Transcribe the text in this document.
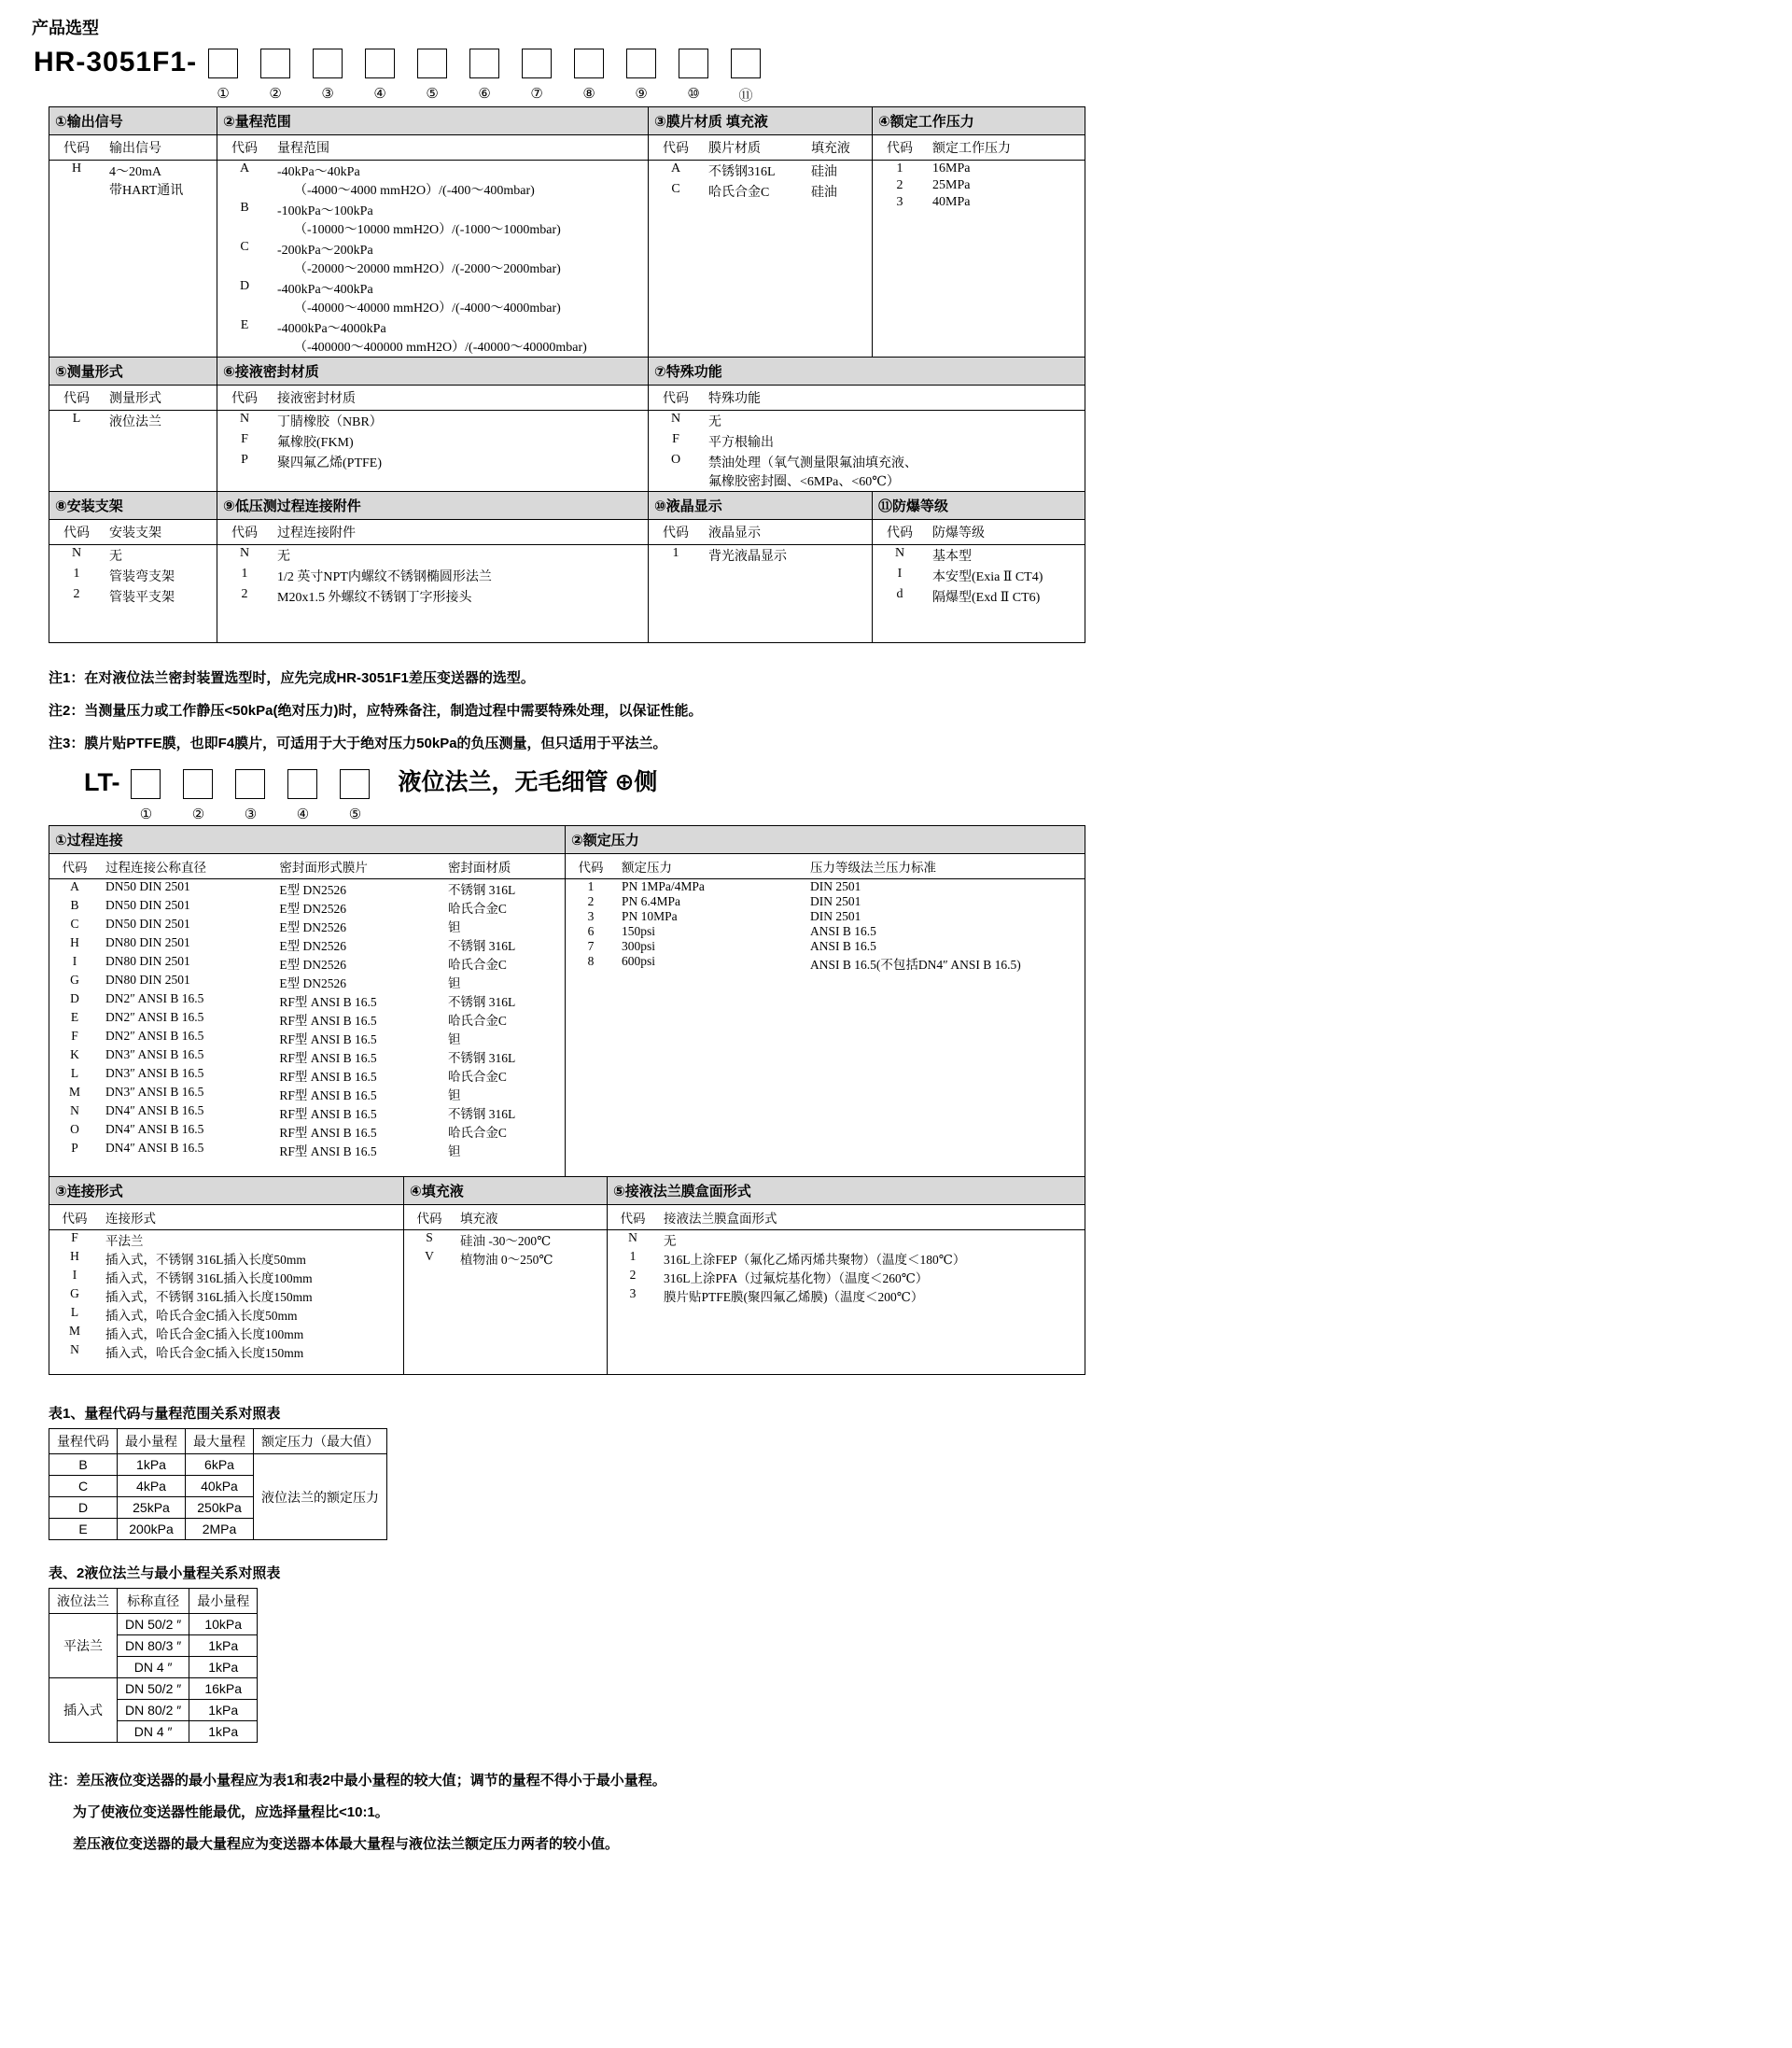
产品选型
HR-3051F1-
①	②	③	④	⑤	⑥	⑦	⑧	⑨	⑩	⑪
①输出信号
代码	输出信号
H	4～20mA
带HART通讯

②量程范围
代码	量程范围
A	-40kPa～40kPa
（-4000～4000 mmH2O）/(-400～400mbar)

B	-100kPa～100kPa
（-10000～10000 mmH2O）/(-1000～1000mbar)

C	-200kPa～200kPa
（-20000～20000 mmH2O）/(-2000～2000mbar)

D	-400kPa～400kPa
（-40000～40000 mmH2O）/(-4000～4000mbar)

E	-4000kPa～4000kPa
（-400000～400000 mmH2O）/(-40000～40000mbar)

③膜片材质 填充液
代码	膜片材质	填充液
A	不锈钢316L	硅油
C	哈氏合金C	硅油

④额定工作压力
代码	额定工作压力
1	16MPa
2	25MPa
3	40MPa

⑤测量形式
代码	测量形式
L	液位法兰

⑥接液密封材质
代码	接液密封材质
N	丁腈橡胶（NBR）
F	氟橡胶(FKM)
P	聚四氟乙烯(PTFE)

⑦特殊功能
代码	特殊功能
N	无
F	平方根输出
O	禁油处理（氧气测量限氟油填充液、
氟橡胶密封圈、<6MPa、<60℃）

⑧安装支架
代码	安装支架
N	无
1	管装弯支架
2	管装平支架

⑨低压测过程连接附件
代码	过程连接附件
N	无
1	1/2 英寸NPT内螺纹不锈钢椭圆形法兰
2	M20x1.5 外螺纹不锈钢丁字形接头

⑩液晶显示
代码	液晶显示
1	背光液晶显示

⑪防爆等级
代码	防爆等级
N	基本型
I	本安型(Exia Ⅱ CT4)
d	隔爆型(Exd Ⅱ CT6)
注1：在对液位法兰密封装置选型时，应先完成HR-3051F1差压变送器的选型。
注2：当测量压力或工作静压<50kPa(绝对压力)时，应特殊备注，制造过程中需要特殊处理，以保证性能。
注3：膜片贴PTFE膜，也即F4膜片，可适用于大于绝对压力50kPa的负压测量，但只适用于平法兰。
LT-
①	②	③	④	⑤
液位法兰，无毛细管 ⊕侧
①过程连接
代码	过程连接公称直径	密封面形式膜片	密封面材质
A	DN50 DIN 2501	E型 DN2526	不锈钢 316L
B	DN50 DIN 2501	E型 DN2526	哈氏合金C
C	DN50 DIN 2501	E型 DN2526	钽
H	DN80 DIN 2501	E型 DN2526	不锈钢 316L
I	DN80 DIN 2501	E型 DN2526	哈氏合金C
G	DN80 DIN 2501	E型 DN2526	钽
D	DN2″ ANSI B 16.5	RF型 ANSI B 16.5	不锈钢 316L
E	DN2″ ANSI B 16.5	RF型 ANSI B 16.5	哈氏合金C
F	DN2″ ANSI B 16.5	RF型 ANSI B 16.5	钽
K	DN3″ ANSI B 16.5	RF型 ANSI B 16.5	不锈钢 316L
L	DN3″ ANSI B 16.5	RF型 ANSI B 16.5	哈氏合金C
M	DN3″ ANSI B 16.5	RF型 ANSI B 16.5	钽
N	DN4″ ANSI B 16.5	RF型 ANSI B 16.5	不锈钢 316L
O	DN4″ ANSI B 16.5	RF型 ANSI B 16.5	哈氏合金C
P	DN4″ ANSI B 16.5	RF型 ANSI B 16.5	钽

②额定压力
代码	额定压力	压力等级法兰压力标准
1	PN 1MPa/4MPa	DIN 2501
2	PN 6.4MPa	DIN 2501
3	PN 10MPa	DIN 2501
6	150psi	ANSI B 16.5
7	300psi	ANSI B 16.5
8	600psi	ANSI B 16.5(不包括DN4″ ANSI B 16.5)
③连接形式
代码	连接形式
F	平法兰
H	插入式，不锈钢 316L插入长度50mm
I	插入式，不锈钢 316L插入长度100mm
G	插入式，不锈钢 316L插入长度150mm
L	插入式，哈氏合金C插入长度50mm
M	插入式，哈氏合金C插入长度100mm
N	插入式，哈氏合金C插入长度150mm

④填充液
代码	填充液
S	硅油 -30～200℃
V	植物油 0～250℃

⑤接液法兰膜盒面形式
代码	接液法兰膜盒面形式
N	无
1	316L上涂FEP（氟化乙烯丙烯共聚物）（温度＜180℃）
2	316L上涂PFA（过氟烷基化物）（温度＜260℃）
3	膜片贴PTFE膜(聚四氟乙烯膜)（温度＜200℃）
表1、量程代码与量程范围关系对照表
量程代码	最小量程	最大量程	额定压力（最大值）
B	1kPa	6kPa	液位法兰的额定压力
C	4kPa	40kPa	
D	25kPa	250kPa	
E	200kPa	2MPa	
表、2液位法兰与最小量程关系对照表
液位法兰	标称直径	最小量程
平法兰	DN 50/2 ″	10kPa
	DN 80/3 ″	1kPa
	DN 4 ″	1kPa
插入式	DN 50/2 ″	16kPa
	DN 80/2 ″	1kPa
	DN 4 ″	1kPa
注：差压液位变送器的最小量程应为表1和表2中最小量程的较大值；调节的量程不得小于最小量程。
为了使液位变送器性能最优，应选择量程比<10:1。
差压液位变送器的最大量程应为变送器本体最大量程与液位法兰额定压力两者的较小值。
